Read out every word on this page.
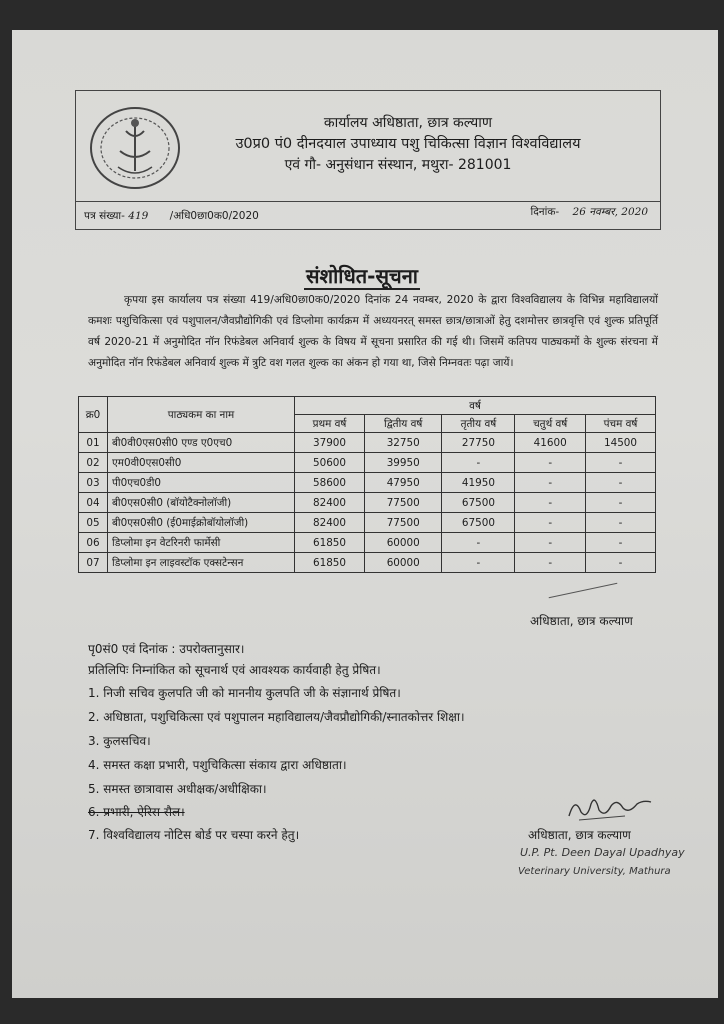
कार्यालय अधिष्ठाता, छात्र कल्याण
उ0प्र0 पं0 दीनदयाल उपाध्याय पशु चिकित्सा विज्ञान विश्वविद्यालय
एवं गौ- अनुसंधान संस्थान, मथुरा- 281001
पत्र संख्या- 419 /अधि0छा0क0/2020	दिनांक- 26 नवम्बर, 2020
संशोधित-सूचना

कृपया इस कार्यालय पत्र संख्या 419/अधि0छा0क0/2020 दिनांक 24 नवम्बर, 2020 के द्वारा विश्वविद्यालय के विभिन्न महाविद्यालयों कमशः पशुचिकित्सा एवं पशुपालन/जैवप्रौद्योगिकी एवं डिप्लोमा कार्यक्रम में अध्ययनरत् समस्त छात्र/छात्राओं हेतु दशमोत्तर छात्रवृत्ति एवं शुल्क प्रतिपूर्ति वर्ष 2020-21 में अनुमोदित नॉन रिफंडेबल अनिवार्य शुल्क के विषय में सूचना प्रसारित की गई थी। जिसमें कतिपय पाठ्यकमों के शुल्क संरचना में अनुमोदित नॉन रिफंडेबल अनिवार्य शुल्क में त्रुटि वश गलत शुल्क का अंकन हो गया था, जिसे निम्नवतः पढ़ा जायें।

क्र0	पाठ्यकम का नाम	वर्ष				
		प्रथम वर्ष	द्वितीय वर्ष	तृतीय वर्ष	चतुर्थ वर्ष	पंचम वर्ष
01	बी0वी0एस0सी0 एण्ड ए0एच0	37900	32750	27750	41600	14500
02	एम0वी0एस0सी0	50600	39950	-	-	-
03	पी0एच0डी0	58600	47950	41950	-	-
04	बी0एस0सी0 (बॉयोटैक्नोलॉजी)	82400	77500	67500	-	-
05	बी0एस0सी0 (ई0माईक्रोबॉयोलॉजी)	82400	77500	67500	-	-
06	डिप्लोमा इन वेटरिनरी फार्मेसी	61850	60000	-	-	-
07	डिप्लोमा इन लाइवस्टॉक एक्सटेन्सन	61850	60000	-	-	-
अधिष्ठाता, छात्र कल्याण
पृ0सं0 एवं दिनांक : उपरोक्तानुसार।
प्रतिलिपिः निम्नांकित को सूचनार्थ एवं आवश्यक कार्यवाही हेतु प्रेषित।
1. निजी सचिव कुलपति जी को माननीय कुलपति जी के संज्ञानार्थ प्रेषित।
2. अधिष्ठाता, पशुचिकित्सा एवं पशुपालन महाविद्यालय/जैवप्रौद्योगिकी/स्नातकोत्तर शिक्षा।
3. कुलसचिव।
4. समस्त कक्षा प्रभारी, पशुचिकित्सा संकाय द्वारा अधिष्ठाता।
5. समस्त छात्रावास अधीक्षक/अधीक्षिका।
6. प्रभारी, ऐरिस सैल।
7. विश्वविद्यालय नोटिस बोर्ड पर चस्पा करने हेतु।	अधिष्ठाता, छात्र कल्याण
U.P. Pt. Deen Dayal Upadhyay
Veterinary University, Mathura
